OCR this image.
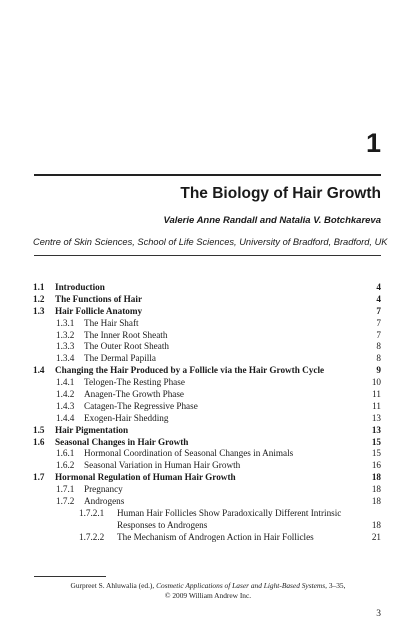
1
The Biology of Hair Growth
Valerie Anne Randall and Natalia V. Botchkareva
Centre of Skin Sciences, School of Life Sciences, University of Bradford, Bradford, UK
1.1 Introduction	4
1.2 The Functions of Hair	4
1.3 Hair Follicle Anatomy	7
1.3.1 The Hair Shaft	7
1.3.2 The Inner Root Sheath	7
1.3.3 The Outer Root Sheath	8
1.3.4 The Dermal Papilla	8
1.4 Changing the Hair Produced by a Follicle via the Hair Growth Cycle	9
1.4.1 Telogen-The Resting Phase	10
1.4.2 Anagen-The Growth Phase	11
1.4.3 Catagen-The Regressive Phase	11
1.4.4 Exogen-Hair Shedding	13
1.5 Hair Pigmentation	13
1.6 Seasonal Changes in Hair Growth	15
1.6.1 Hormonal Coordination of Seasonal Changes in Animals	15
1.6.2 Seasonal Variation in Human Hair Growth	16
1.7 Hormonal Regulation of Human Hair Growth	18
1.7.1 Pregnancy	18
1.7.2 Androgens	18
1.7.2.1 Human Hair Follicles Show Paradoxically Different Intrinsic
Responses to Androgens	18
1.7.2.2 The Mechanism of Androgen Action in Hair Follicles	21
Gurpreet S. Ahluwalia (ed.), Cosmetic Applications of Laser and Light-Based Systems, 3–35,
© 2009 William Andrew Inc.
3
